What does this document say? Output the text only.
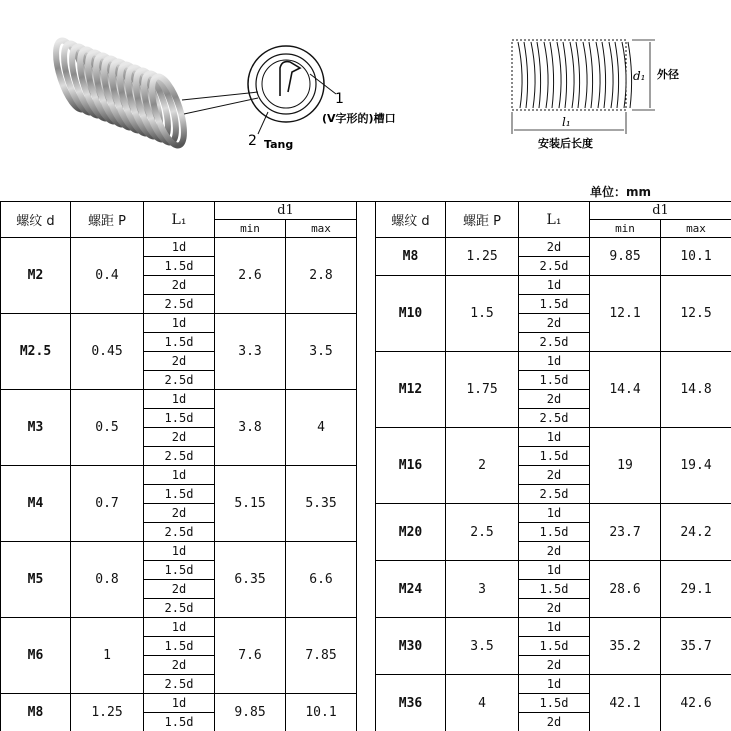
1
(V字形的)槽口
2 Tang
d₁ 外径
l₁
安装后长度
单位：mm
螺纹 d	螺距 P	L₁	d1	
			min	max
M2	0.4	1d	2.6	2.8
		1.5d		
		2d		
		2.5d		
M2.5	0.45	1d	3.3	3.5
		1.5d		
		2d		
		2.5d		
M3	0.5	1d	3.8	4
		1.5d		
		2d		
		2.5d		
M4	0.7	1d	5.15	5.35
		1.5d		
		2d		
		2.5d		
M5	0.8	1d	6.35	6.6
		1.5d		
		2d		
		2.5d		
M6	1	1d	7.6	7.85
		1.5d		
		2d		
		2.5d		
M8	1.25	1d	9.85	10.1
		1.5d		
螺纹 d	螺距 P	L₁	d1	
			min	max
M8	1.25	2d	9.85	10.1
		2.5d		
M10	1.5	1d	12.1	12.5
		1.5d		
		2d		
		2.5d		
M12	1.75	1d	14.4	14.8
		1.5d		
		2d		
		2.5d		
M16	2	1d	19	19.4
		1.5d		
		2d		
		2.5d		
M20	2.5	1d	23.7	24.2
		1.5d		
		2d		
M24	3	1d	28.6	29.1
		1.5d		
		2d		
M30	3.5	1d	35.2	35.7
		1.5d		
		2d		
M36	4	1d	42.1	42.6
		1.5d		
		2d		
